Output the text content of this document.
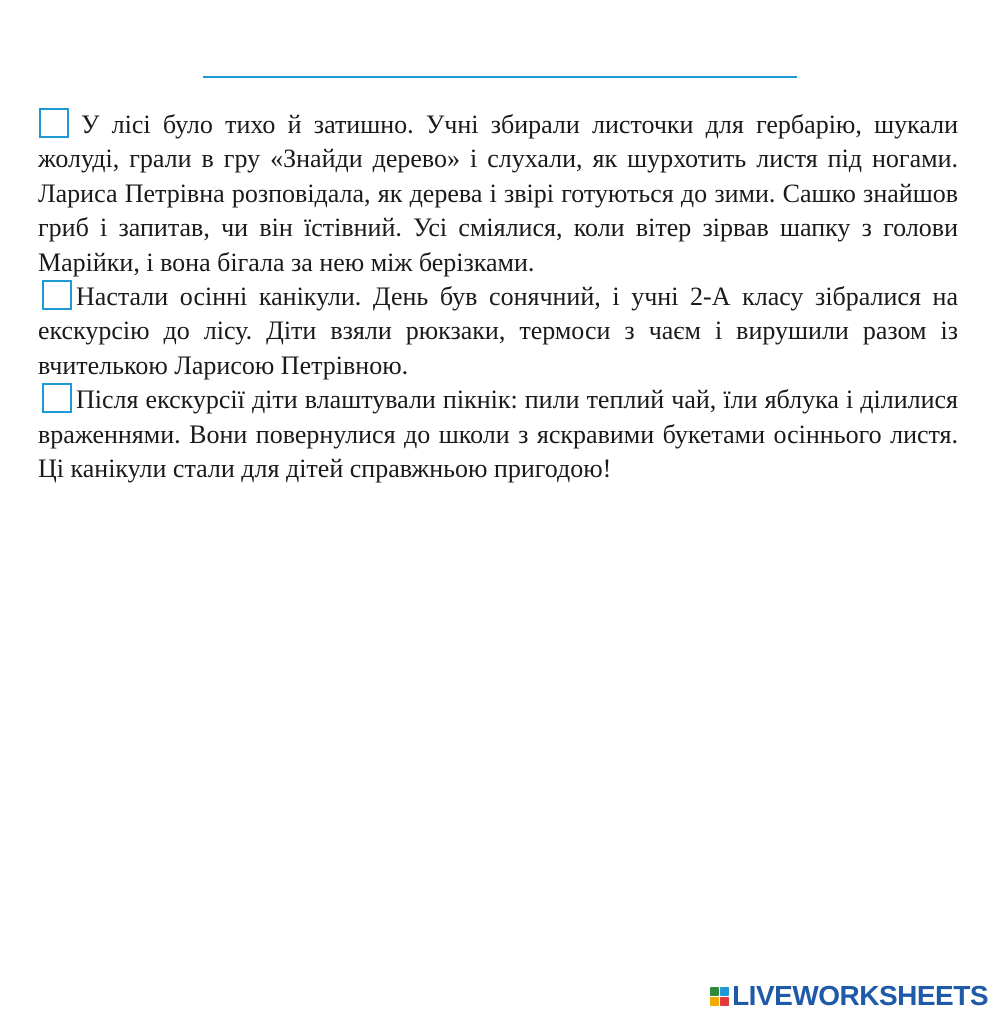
У лісі було тихо й затишно. Учні збирали листочки для гербарію, шукали жолуді, грали в гру «Знайди дерево» і слухали, як шурхотить листя під ногами. Лариса Петрівна розповідала, як дерева і звірі готуються до зими. Сашко знайшов гриб і запитав, чи він їстівний. Усі сміялися, коли вітер зірвав шапку з голови Марійки, і вона бігала за нею між берізками.

Настали осінні канікули. День був сонячний, і учні 2-А класу зібралися на екскурсію до лісу. Діти взяли рюкзаки, термоси з чаєм і вирушили разом із вчителькою Ларисою Петрівною.

Після екскурсії діти влаштували пікнік: пили теплий чай, їли яблука і ділилися враженнями. Вони повернулися до школи з яскравими букетами осіннього листя. Ці канікули стали для дітей справжньою пригодою!

LIVEWORKSHEETS
